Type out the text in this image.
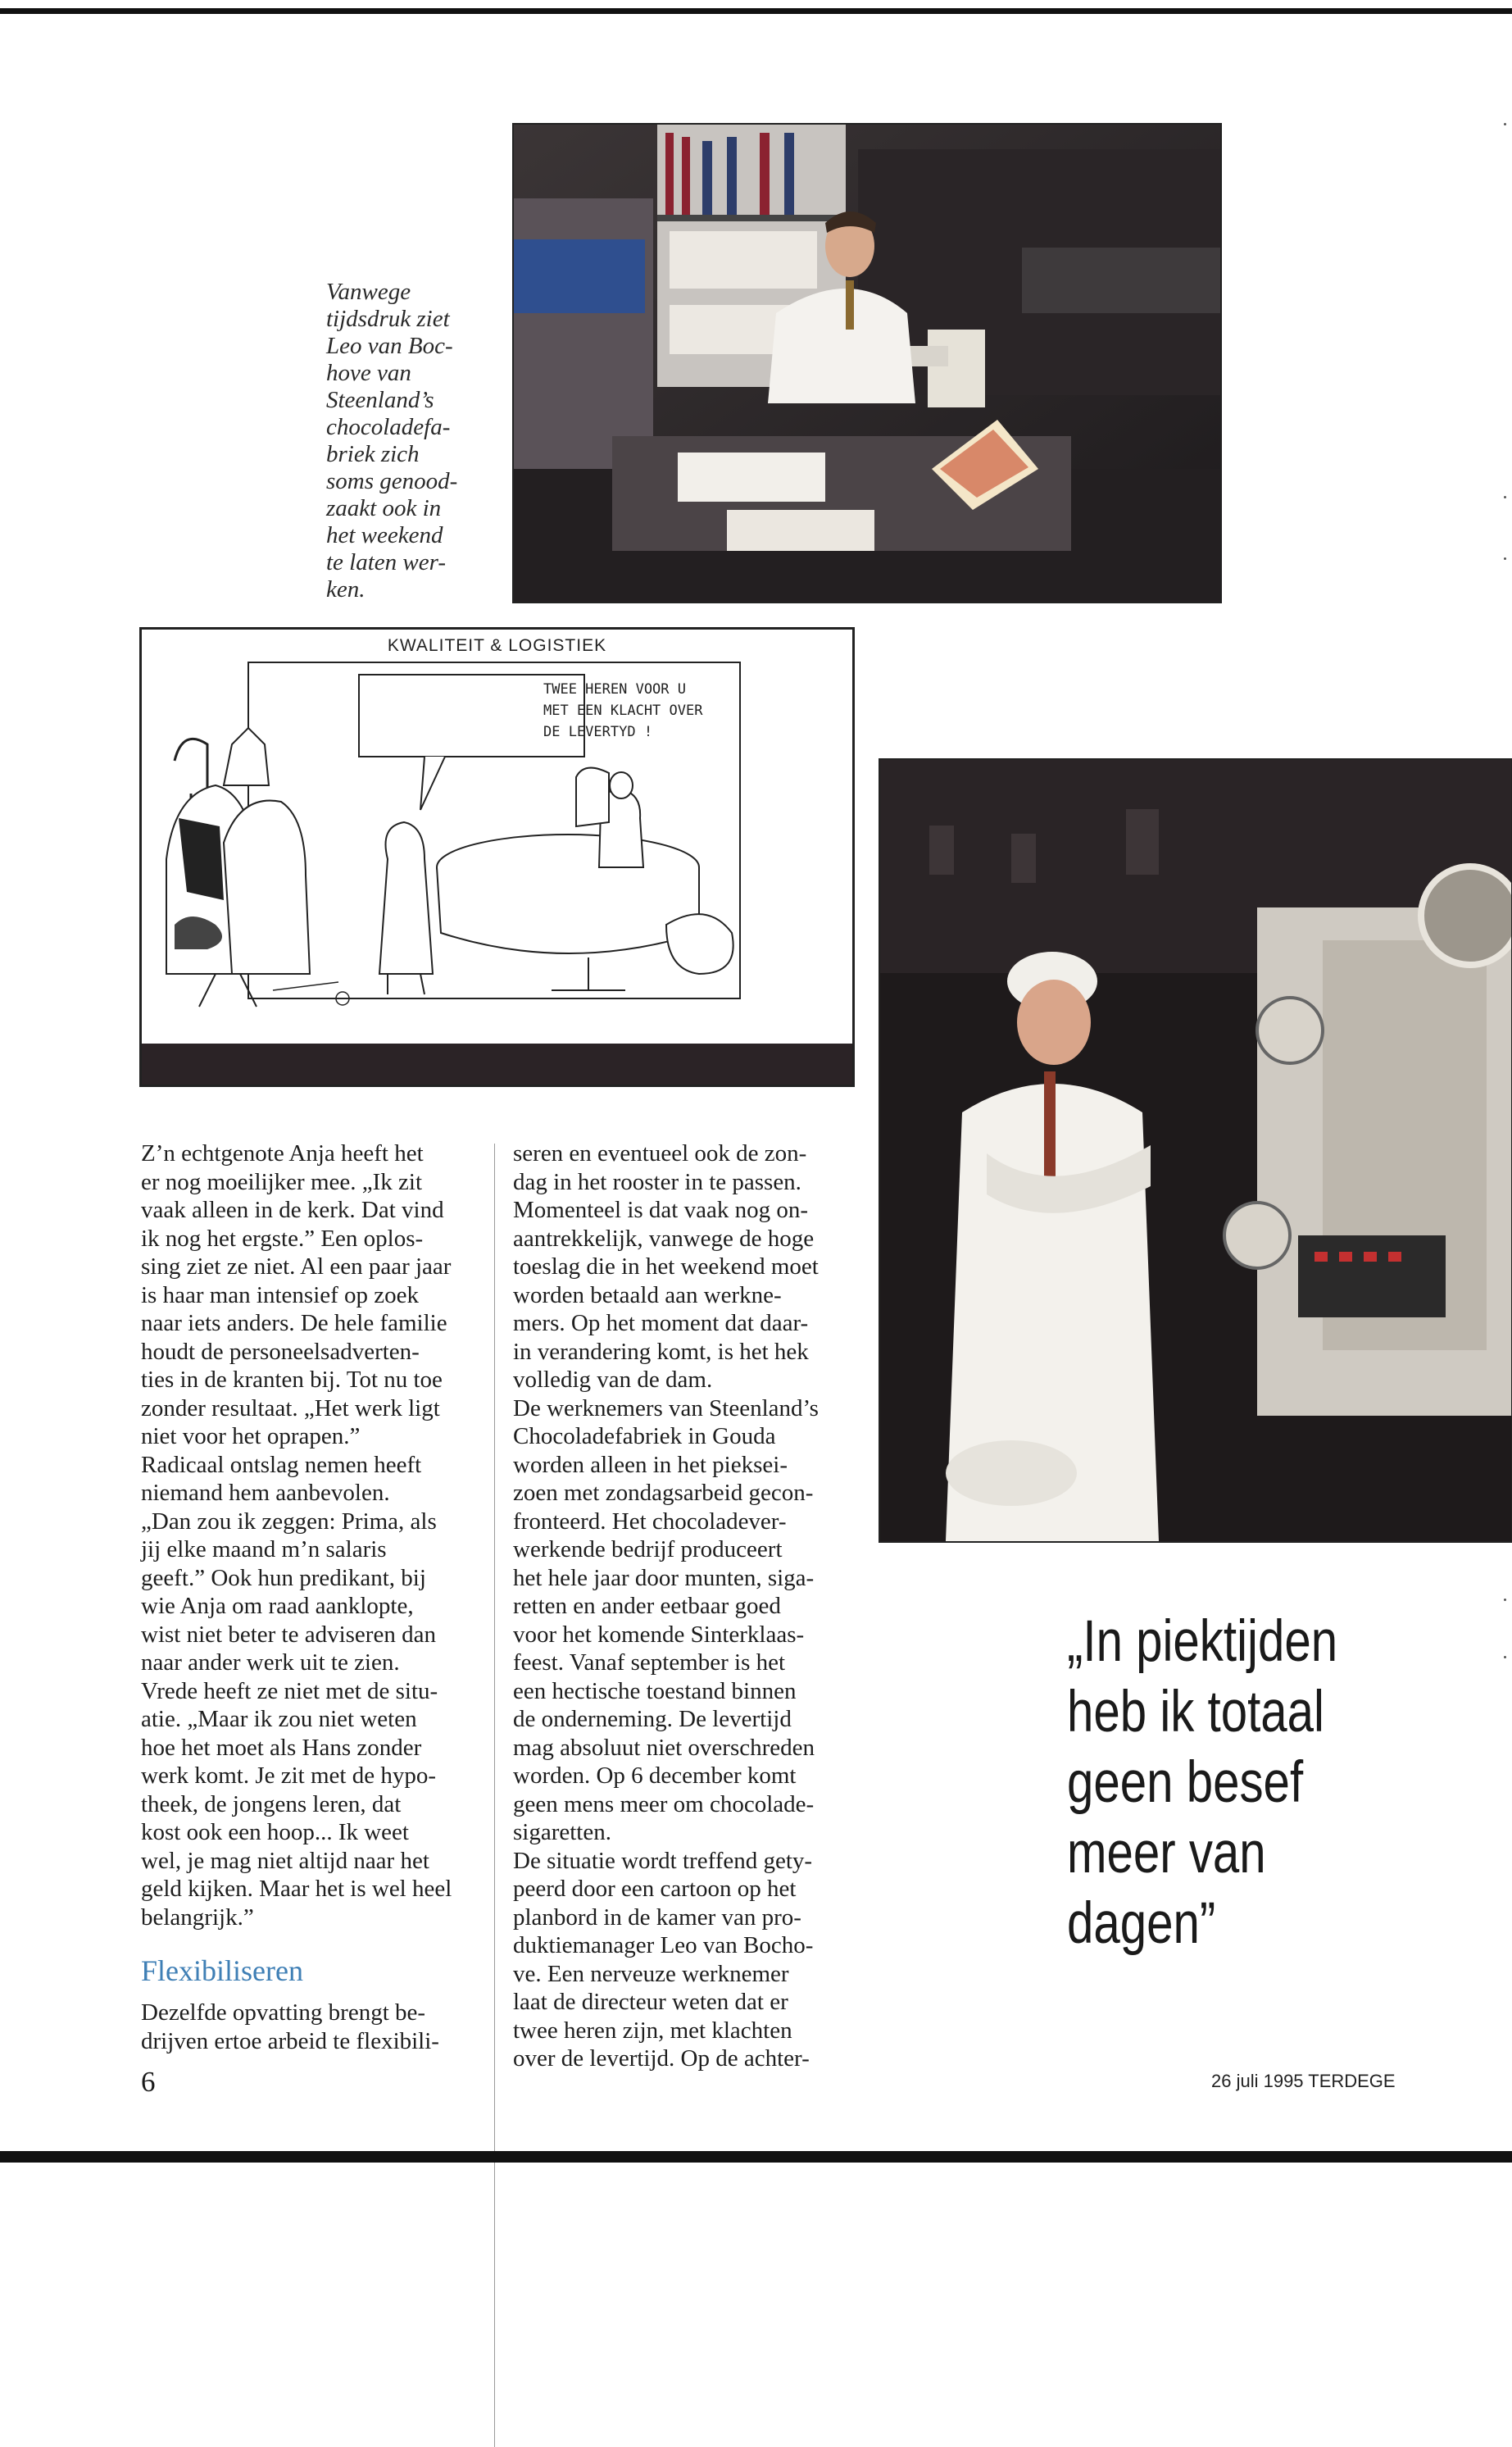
Vanwege
tijdsdruk ziet
Leo van Boc-
hove van
Steenland’s
chocoladefa-
briek zich
soms genood-
zaakt ook in
het weekend
te laten wer-
ken.
KWALITEIT & LOGISTIEK
TWEE HEREN VOOR U
MET EEN KLACHT OVER
DE LEVERTYD !
Z’n echtgenote Anja heeft het
er nog moeilijker mee. „Ik zit
vaak alleen in de kerk. Dat vind
ik nog het ergste.” Een oplos-
sing ziet ze niet. Al een paar jaar
is haar man intensief op zoek
naar iets anders. De hele familie
houdt de personeelsadverten-
ties in de kranten bij. Tot nu toe
zonder resultaat. „Het werk ligt
niet voor het oprapen.”
Radicaal ontslag nemen heeft
niemand hem aanbevolen.
„Dan zou ik zeggen: Prima, als
jij elke maand m’n salaris
geeft.” Ook hun predikant, bij
wie Anja om raad aanklopte,
wist niet beter te adviseren dan
naar ander werk uit te zien.
Vrede heeft ze niet met de situ-
atie. „Maar ik zou niet weten
hoe het moet als Hans zonder
werk komt. Je zit met de hypo-
theek, de jongens leren, dat
kost ook een hoop... Ik weet
wel, je mag niet altijd naar het
geld kijken. Maar het is wel heel
belangrijk.”
Flexibiliseren
Dezelfde opvatting brengt be-
drijven ertoe arbeid te flexibili-
seren en eventueel ook de zon-
dag in het rooster in te passen.
Momenteel is dat vaak nog on-
aantrekkelijk, vanwege de hoge
toeslag die in het weekend moet
worden betaald aan werkne-
mers. Op het moment dat daar-
in verandering komt, is het hek
volledig van de dam.
De werknemers van Steenland’s
Chocoladefabriek in Gouda
worden alleen in het pieksei-
zoen met zondagsarbeid gecon-
fronteerd. Het chocoladever-
werkende bedrijf produceert
het hele jaar door munten, siga-
retten en ander eetbaar goed
voor het komende Sinterklaas-
feest. Vanaf september is het
een hectische toestand binnen
de onderneming. De levertijd
mag absoluut niet overschreden
worden. Op 6 december komt
geen mens meer om chocolade-
sigaretten.
De situatie wordt treffend gety-
peerd door een cartoon op het
planbord in de kamer van pro-
duktiemanager Leo van Bocho-
ve. Een nerveuze werknemer
laat de directeur weten dat er
twee heren zijn, met klachten
over de levertijd. Op de achter-
„In piektijden
heb ik totaal
geen besef
meer van
dagen”
6	26 juli 1995 TERDEGE
